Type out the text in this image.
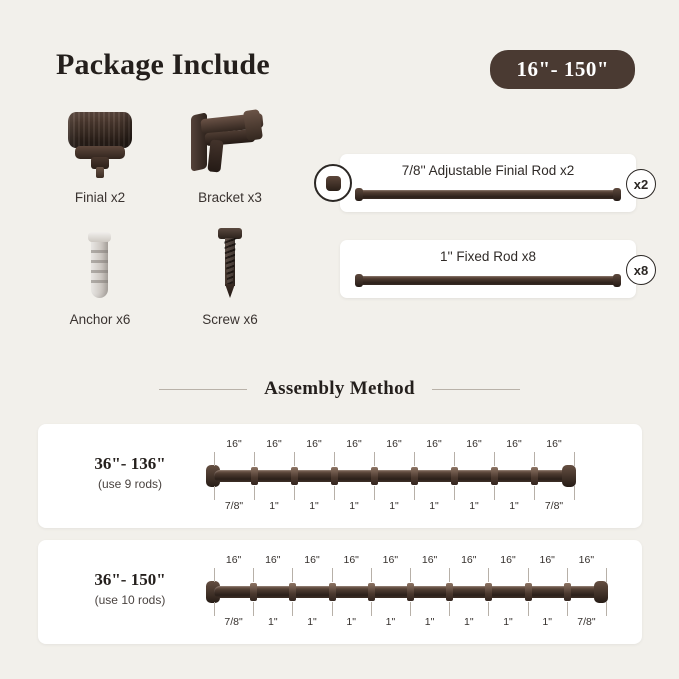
Package Include	16"- 150"
Finial x2	Bracket x3
Anchor x6	Screw x6
7/8'' Adjustable Finial Rod x2
x2
1'' Fixed Rod x8
x8
Assembly Method
36"- 136"
(use 9 rods)
16" 16" 16" 16" 16" 16" 16" 16" 16"
7/8" 1"	1"	1"	1"	1"	1"	1" 7/8"
36"- 150"
(use 10 rods)
16" 16" 16" 16" 16" 16" 16" 16" 16" 16"
7/8" 1"	1"	1"	1"	1"	1"	1"	1" 7/8"
